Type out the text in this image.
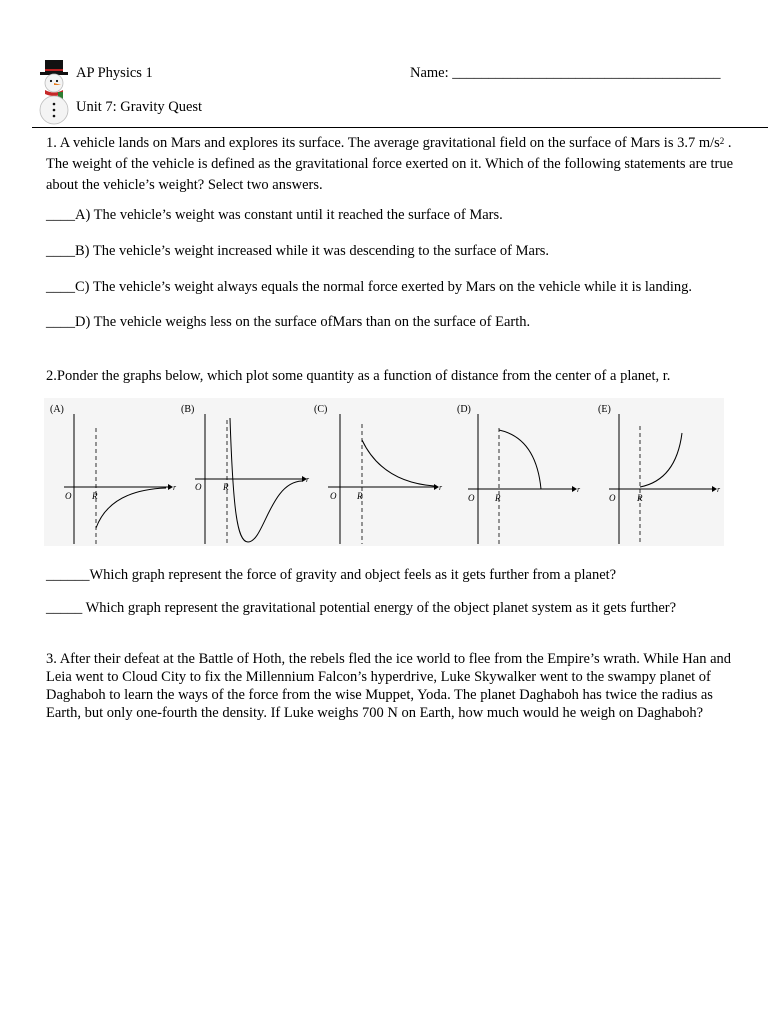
AP Physics 1	Name: _____________________________________
Unit 7: Gravity Quest
1. A vehicle lands on Mars and explores its surface. The average gravitational field on the surface of Mars is 3.7 $m/s^2$ . The weight of the vehicle is defined as the gravitational force exerted on it. Which of the following statements are true about the vehicle’s weight? Select two answers.
____A) The vehicle’s weight was constant until it reached the surface of Mars.
____B) The vehicle’s weight increased while it was descending to the surface of Mars.
____C) The vehicle’s weight always equals the normal force exerted by Mars on the vehicle while it is landing.
____D) The vehicle weighs less on the surface ofMars than on the surface of Earth.
2.Ponder the graphs below, which plot some quantity as a function of distance from the center of a planet, r.
(A)
O R
r
(B)
O R
r
(C)
O R
r
(D)
O R
r
(E)
O R
r
______Which graph represent the force of gravity and object feels as it gets further from a planet?
_____ Which graph represent the gravitational potential energy of the object planet system as it gets further?
3. After their defeat at the Battle of Hoth, the rebels fled the ice world to flee from the Empire’s wrath. While Han and Leia went to Cloud City to fix the Millennium Falcon’s hyperdrive, Luke Skywalker went to the swampy planet of Daghaboh to learn the ways of the force from the wise Muppet, Yoda. The planet Daghaboh has twice the radius as Earth, but only one-fourth the density. If Luke weighs 700 N on Earth, how much would he weigh on Daghaboh?
